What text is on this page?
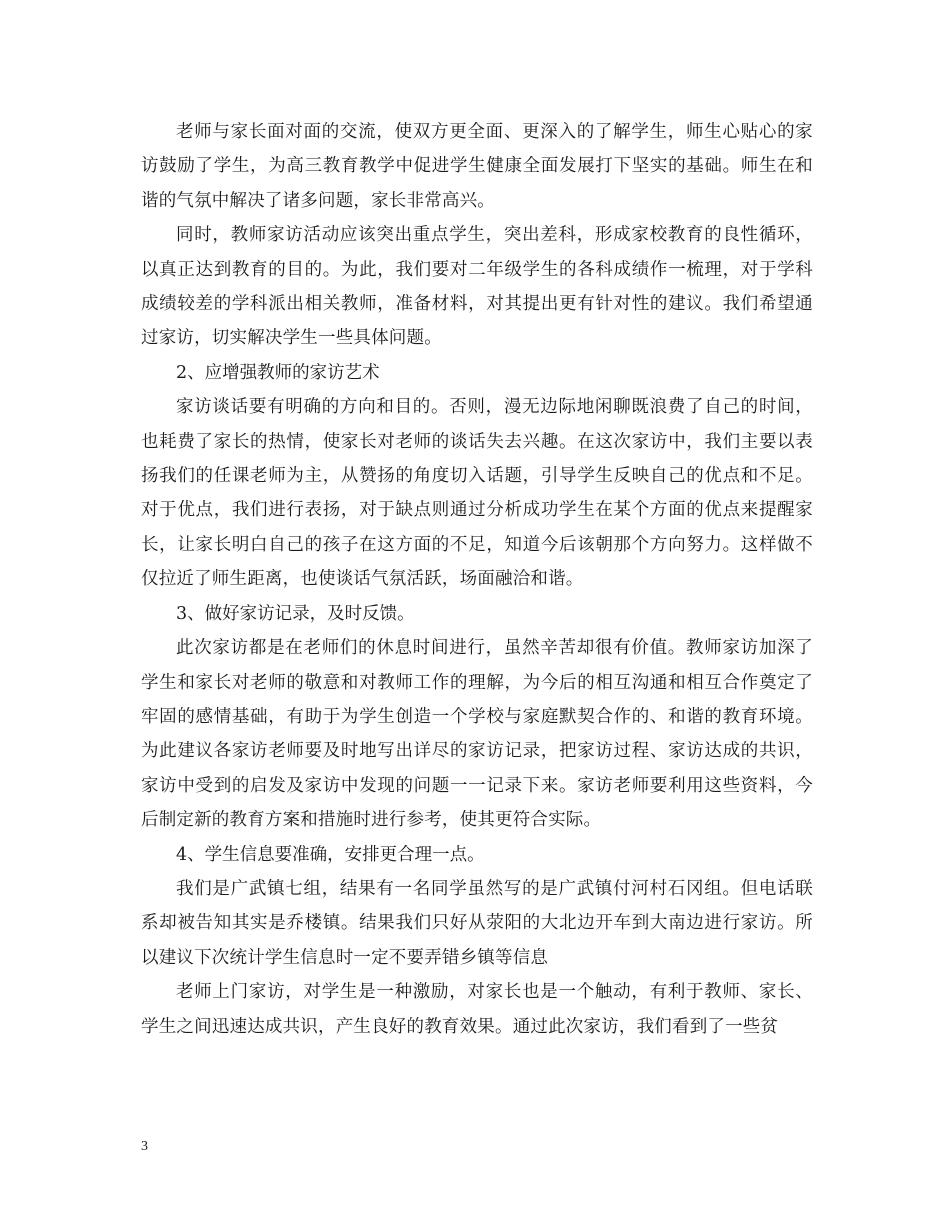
老师与家长面对面的交流，使双方更全面、更深入的了解学生，师生心贴心的家访鼓励了学生，为高三教育教学中促进学生健康全面发展打下坚实的基础。师生在和谐的气氛中解决了诸多问题，家长非常高兴。

同时，教师家访活动应该突出重点学生，突出差科，形成家校教育的良性循环，以真正达到教育的目的。为此，我们要对二年级学生的各科成绩作一梳理，对于学科成绩较差的学科派出相关教师，准备材料，对其提出更有针对性的建议。我们希望通过家访，切实解决学生一些具体问题。

2、应增强教师的家访艺术

家访谈话要有明确的方向和目的。否则，漫无边际地闲聊既浪费了自己的时间，也耗费了家长的热情，使家长对老师的谈话失去兴趣。在这次家访中，我们主要以表扬我们的任课老师为主，从赞扬的角度切入话题，引导学生反映自己的优点和不足。对于优点，我们进行表扬，对于缺点则通过分析成功学生在某个方面的优点来提醒家长，让家长明白自己的孩子在这方面的不足，知道今后该朝那个方向努力。这样做不仅拉近了师生距离，也使谈话气氛活跃，场面融洽和谐。

3、做好家访记录，及时反馈。

此次家访都是在老师们的休息时间进行，虽然辛苦却很有价值。教师家访加深了学生和家长对老师的敬意和对教师工作的理解，为今后的相互沟通和相互合作奠定了牢固的感情基础，有助于为学生创造一个学校与家庭默契合作的、和谐的教育环境。为此建议各家访老师要及时地写出详尽的家访记录，把家访过程、家访达成的共识，家访中受到的启发及家访中发现的问题一一记录下来。家访老师要利用这些资料，今后制定新的教育方案和措施时进行参考，使其更符合实际。

4、学生信息要准确，安排更合理一点。

我们是广武镇七组，结果有一名同学虽然写的是广武镇付河村石冈组。但电话联系却被告知其实是乔楼镇。结果我们只好从荥阳的大北边开车到大南边进行家访。所以建议下次统计学生信息时一定不要弄错乡镇等信息

老师上门家访，对学生是一种激励，对家长也是一个触动，有利于教师、家长、学生之间迅速达成共识，产生良好的教育效果。通过此次家访，我们看到了一些贫

3
